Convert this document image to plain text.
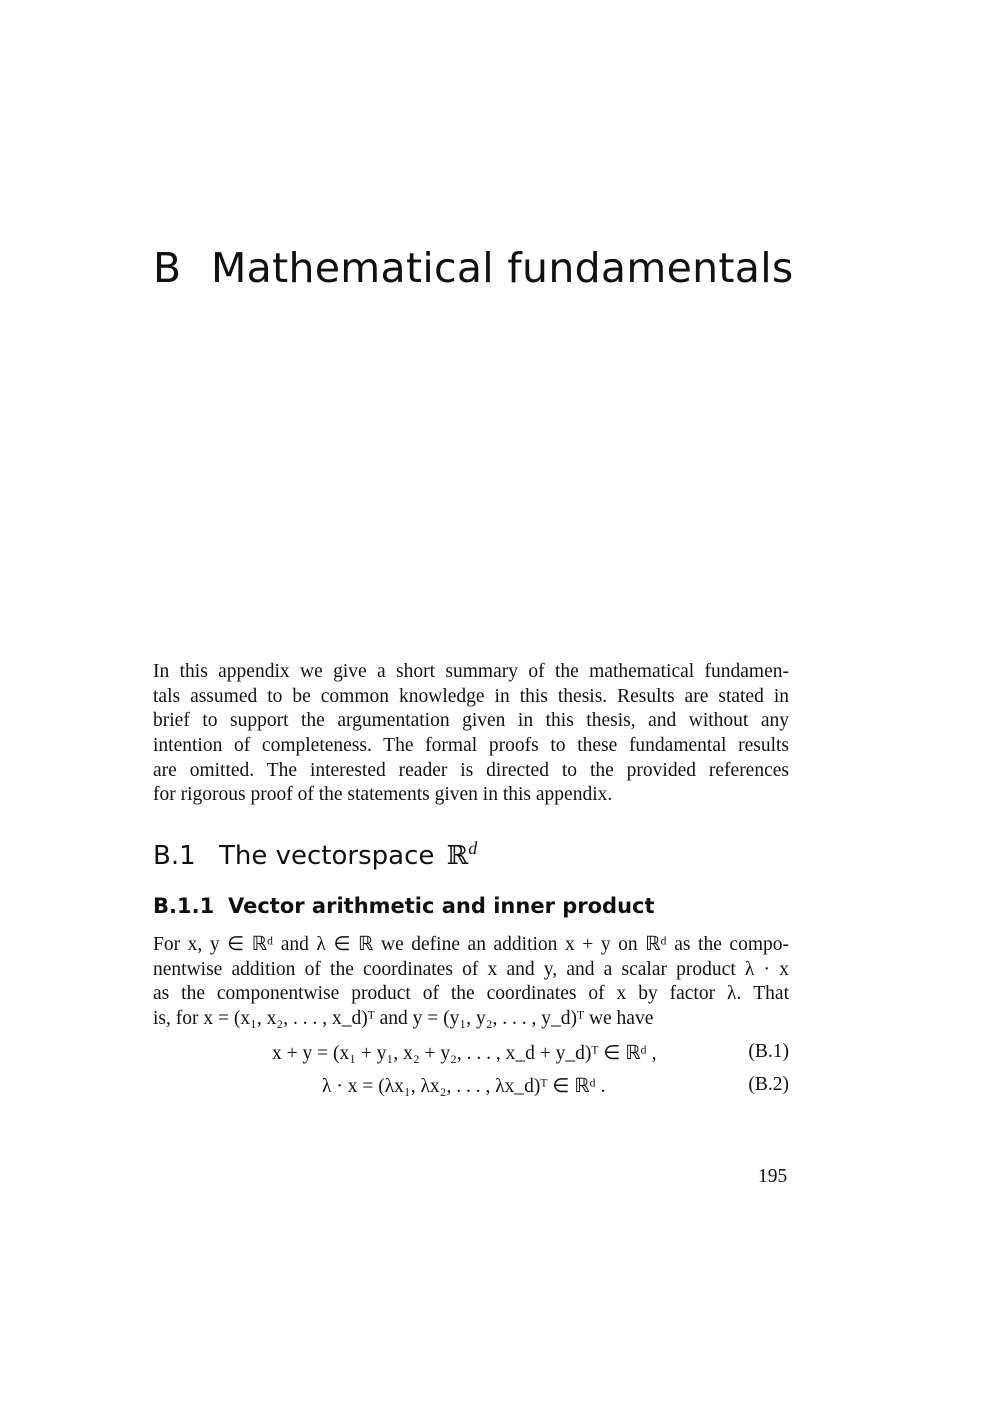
B Mathematical fundamentals
In this appendix we give a short summary of the mathematical fundamen-
tals assumed to be common knowledge in this thesis. Results are stated in
brief to support the argumentation given in this thesis, and without any
intention of completeness. The formal proofs to these fundamental results
are omitted. The interested reader is directed to the provided references
for rigorous proof of the statements given in this appendix.
B.1 The vectorspace ℝ$^d$
B.1.1 Vector arithmetic and inner product
For x, y ∈ ℝᵈ and λ ∈ ℝ we define an addition x + y on ℝᵈ as the compo-
nentwise addition of the coordinates of x and y, and a scalar product λ · x
as the componentwise product of the coordinates of x by factor λ. That
is, for x = (x₁, x₂, . . . , x_d)ᵀ and y = (y₁, y₂, . . . , y_d)ᵀ we have
x + y = (x₁ + y₁, x₂ + y₂, . . . , x_d + y_d)ᵀ ∈ ℝᵈ ,	(B.1)
λ · x = (λx₁, λx₂, . . . , λx_d)ᵀ ∈ ℝᵈ .	(B.2)
195
